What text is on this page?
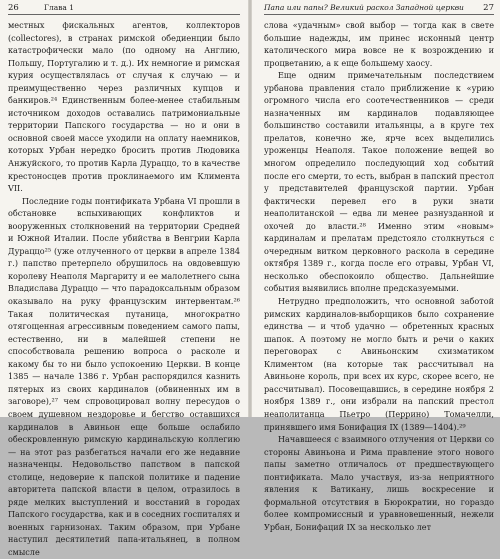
26	Глава 1

местных фискальных агентов, коллекторов (collectores), в странах римской обедиенции было катастрофически мало (по одному на Англию, Польшу, Португалию и т. д.). Их немногие и римская курия осуществлялась от случая к случаю — и преимущественно через различных купцов и банкиров.²⁴ Единственным более-менее стабильным источником доходов оставались патримониальные территории Папского государства — но и они в основной своей массе уходили на оплату наемников, которых Урбан нередко бросить против Людовика Анжуйского, то против Карла Дураццо, то в качестве крестоносцев против проклинаемого им Климента VII.

Последние годы понтификата Урбана VI прошли в обстановке вспыхивающих конфликтов и вооруженных столкновений на территории Средней и Южной Италии. После убийства в Венгрии Карла Дураццо²⁵ (уже отлученного от церкви в апреле 1384 г.) папство претерпело обрушилось на овдовевшую королеву Неаполя Маргариту и ее малолетнего сына Владислава Дураццо — что парадоксальным образом оказывало на руку французским интервентам.²⁶ Такая политическая путаница, многократно отягощенная агрессивным поведением самого папы, естественно, ни в малейшей степени не способствовала решению вопроса о расколе и какому бы то ни было успокоению Церкви. В конце 1385 — начале 1386 г. Урбан распорядился казнить пятерых из своих кардиналов (обвиненных им в заговоре),²⁷ чем спровоцировал волну пересудов о своем душевном нездоровье и бегство оставшихся кардиналов в Авиньон еще больше ослабило обескровленную римскую кардинальскую коллегию — на этот раз разбегаться начали его же недавние назначенцы. Недовольство папством в папской столице, недоверие к папской политике и падение авторитета папской власти в целом, отразилось в ряде мелких выступлений и восстаний в городах Папского государства, как и в соседних госпиталях и военных гарнизонах. Таким образом, при Урбане наступил десятилетий папа-итальянец, в полном смысле

Папа или папы? Великий раскол Западной церкви 27

слова «удачным» свой выбор — тогда как в свете большие надежды, им принес исконный центр католического мира вовсе не к возрождению и процветанию, а к еще большему хаосу.

Еще одним примечательным последствием урбанова правления стало приближение к «урию огромного числа его соотечественников — среди назначенных им кардиналов подавляющее большинство составили итальянцы, а в круге тех прелатов, конечно же, ярче всех выделились уроженцы Неаполя. Такое положение вещей во многом определило последующий ход событий после его смерти, то есть, выбран в папский престол у представителей французской партии. Урбан фактически перевел его в руки знати неаполитанской — едва ли менее разнузданной и охочей до власти.²⁸ Именно этим «новым» кардиналам и прелатам предстояло столкнуться с очередным витком церковного раскола в середине октября 1389 г., когда после его отравы, Урбан VI, несколько обеспокоило общество. Дальнейшие события выявились вполне предсказуемыми.

Нетрудно предположить, что основной заботой римских кардиналов-выборщиков было сохранение единства — и чтоб удачно — обретенных красных шапок. А поэтому не могло быть и речи о каких переговорах с Авиньонским схизматиком Климентом (на которые так рассчитывал на Авиньоне король, при всех их курс, скорее всего, не рассчитывал). Посовещавшись, в середине ноября 2 ноября 1389 г., они избрали на папский престол неаполитанца Пьетро (Перрино) Томачелли, принявшего имя Бонифация IX (1389—1404).²⁹

Начавшееся с взаимного отлучения от Церкви со стороны Авиньона и Рима правление этого нового папы заметно отличалось от предшествующего понтификата. Мало участвуя, из-за неприятного явления к Ватикану, лишь воскресение и формальной отсутствия в Бюрократии, но гораздо более компромиссный и уравновешенный, нежели Урбан, Бонифаций IX за несколько лет
